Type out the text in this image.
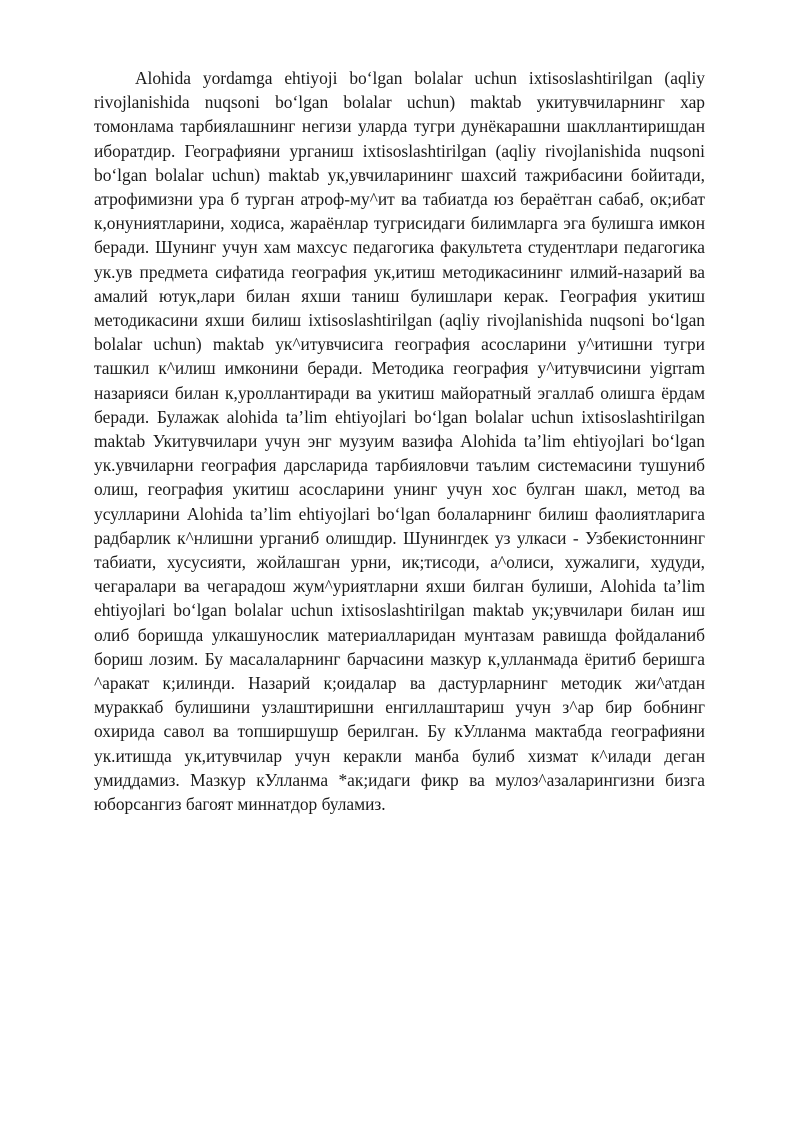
Alohida yordamga ehtiyoji bo‘lgan bolalar uchun ixtisoslashtirilgan (aqliy rivojlanishida nuqsoni bo‘lgan bolalar uchun) maktab укитувчиларнинг хар томонлама тарбиялашнинг негизи уларда тугри дунёкарашни шакллантиришдан иборатдир. Географияни урганиш ixtisoslashtirilgan (aqliy rivojlanishida nuqsoni bo‘lgan bolalar uchun) maktab ук,увчиларининг шахсий тажрибасини бойитади, атрофимизни ура б турган атроф-му^ит ва табиатда юз бераётган сабаб, ок;ибат к,онуниятларини, ходиса, жараёнлар тугрисидаги билимларга эга булишга имкон беради. Шунинг учун хам махсус педагогика факультета студентлари педагогика ук.ув предмета сифатида география ук,итиш методикасининг илмий-назарий ва амалий ютук,лари билан яхши таниш булишлари керак. География укитиш методикасини яхши билиш ixtisoslashtirilgan (aqliy rivojlanishida nuqsoni bo‘lgan bolalar uchun) maktab ук^итувчисига география асосларини у^итишни тугри ташкил к^илиш имконини беради. Методика география у^итувчисини yigrram назарияси билан к,уроллантиради ва укитиш майоратный эгаллаб олишга ёрдам беради. Булажак alohida ta’lim ehtiyojlari bo‘lgan bolalar uchun ixtisoslashtirilgan maktab Укитувчилари учун энг музуим вазифа Alohida ta’lim ehtiyojlari bo‘lgan ук.увчиларни география дарсларида тарбияловчи таълим системасини тушуниб олиш, география укитиш асосларини унинг учун хос булган шакл, метод ва усулларини Alohida ta’lim ehtiyojlari bo‘lgan болаларнинг билиш фаолиятларига радбарлик к^нлишни урганиб олишдир. Шунингдек уз улкаси - Узбекистоннинг табиати, хусусияти, жойлашган урни, ик;тисоди, а^олиси, хужалиги, худуди, чегаралари ва чегарадош жум^уриятларни яхши билган булиши, Alohida ta’lim ehtiyojlari bo‘lgan bolalar uchun ixtisoslashtirilgan maktab ук;увчилари билан иш олиб боришда улкашунослик материалларидан мунтазам равишда фойдаланиб бориш лозим. Бу масалаларнинг барчасини мазкур к,улланмада ёритиб беришга ^аракат к;илинди. Назарий к;оидалар ва дастурларнинг методик жи^атдан мураккаб булишини узлаштиришни енгиллаштариш учун з^ар бир бобнинг охирида савол ва топширшушр берилган. Бу кУлланма мактабда географияни ук.итишда ук,итувчилар учун керакли манба булиб хизмат к^илади деган умиддамиз. Мазкур кУлланма *ак;идаги фикр ва мулоз^азаларингизни бизга юборсангиз багоят миннатдор буламиз.
